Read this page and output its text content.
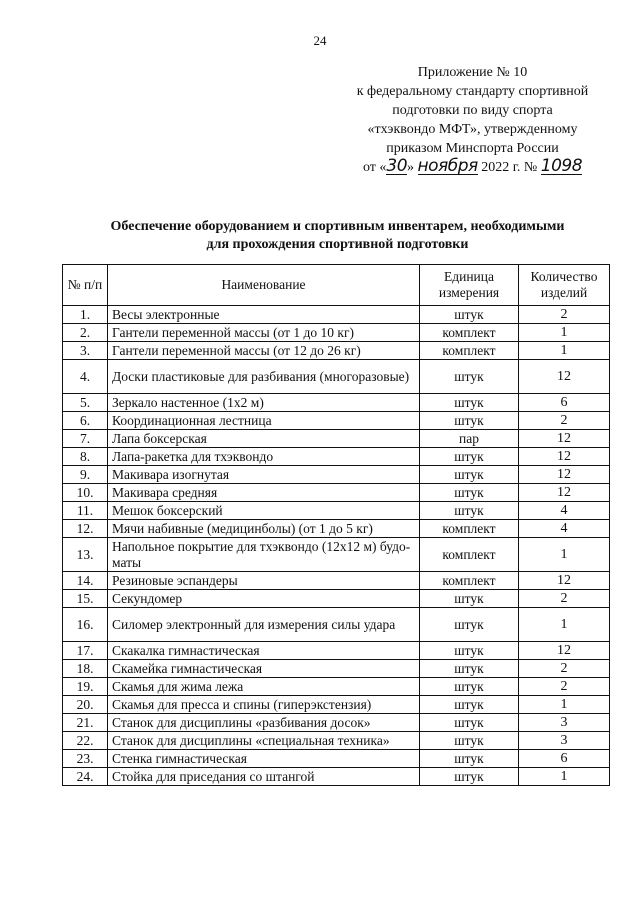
24
Приложение № 10
к федеральному стандарту спортивной
подготовки по виду спорта
«тхэквондо МФТ», утвержденному
приказом Минспорта России
от «30» ноября 2022 г. № 1098
Обеспечение оборудованием и спортивным инвентарем, необходимыми
для прохождения спортивной подготовки
№ п/п	Наименование	Единица измерения	Количество изделий
1.	Весы электронные	штук	2
2.	Гантели переменной массы (от 1 до 10 кг)	комплект	1
3.	Гантели переменной массы (от 12 до 26 кг)	комплект	1
4.	Доски пластиковые для разбивания (многоразовые)	штук	12
5.	Зеркало настенное (1х2 м)	штук	6
6.	Координационная лестница	штук	2
7.	Лапа боксерская	пар	12
8.	Лапа-ракетка для тхэквондо	штук	12
9.	Макивара изогнутая	штук	12
10.	Макивара средняя	штук	12
11.	Мешок боксерский	штук	4
12.	Мячи набивные (медицинболы) (от 1 до 5 кг)	комплект	4
13.	Напольное покрытие для тхэквондо (12х12 м) будо-маты	комплект	1
14.	Резиновые эспандеры	комплект	12
15.	Секундомер	штук	2
16.	Силомер электронный для измерения силы удара	штук	1
17.	Скакалка гимнастическая	штук	12
18.	Скамейка гимнастическая	штук	2
19.	Скамья для жима лежа	штук	2
20.	Скамья для пресса и спины (гиперэкстензия)	штук	1
21.	Станок для дисциплины «разбивания досок»	штук	3
22.	Станок для дисциплины «специальная техника»	штук	3
23.	Стенка гимнастическая	штук	6
24.	Стойка для приседания со штангой	штук	1
